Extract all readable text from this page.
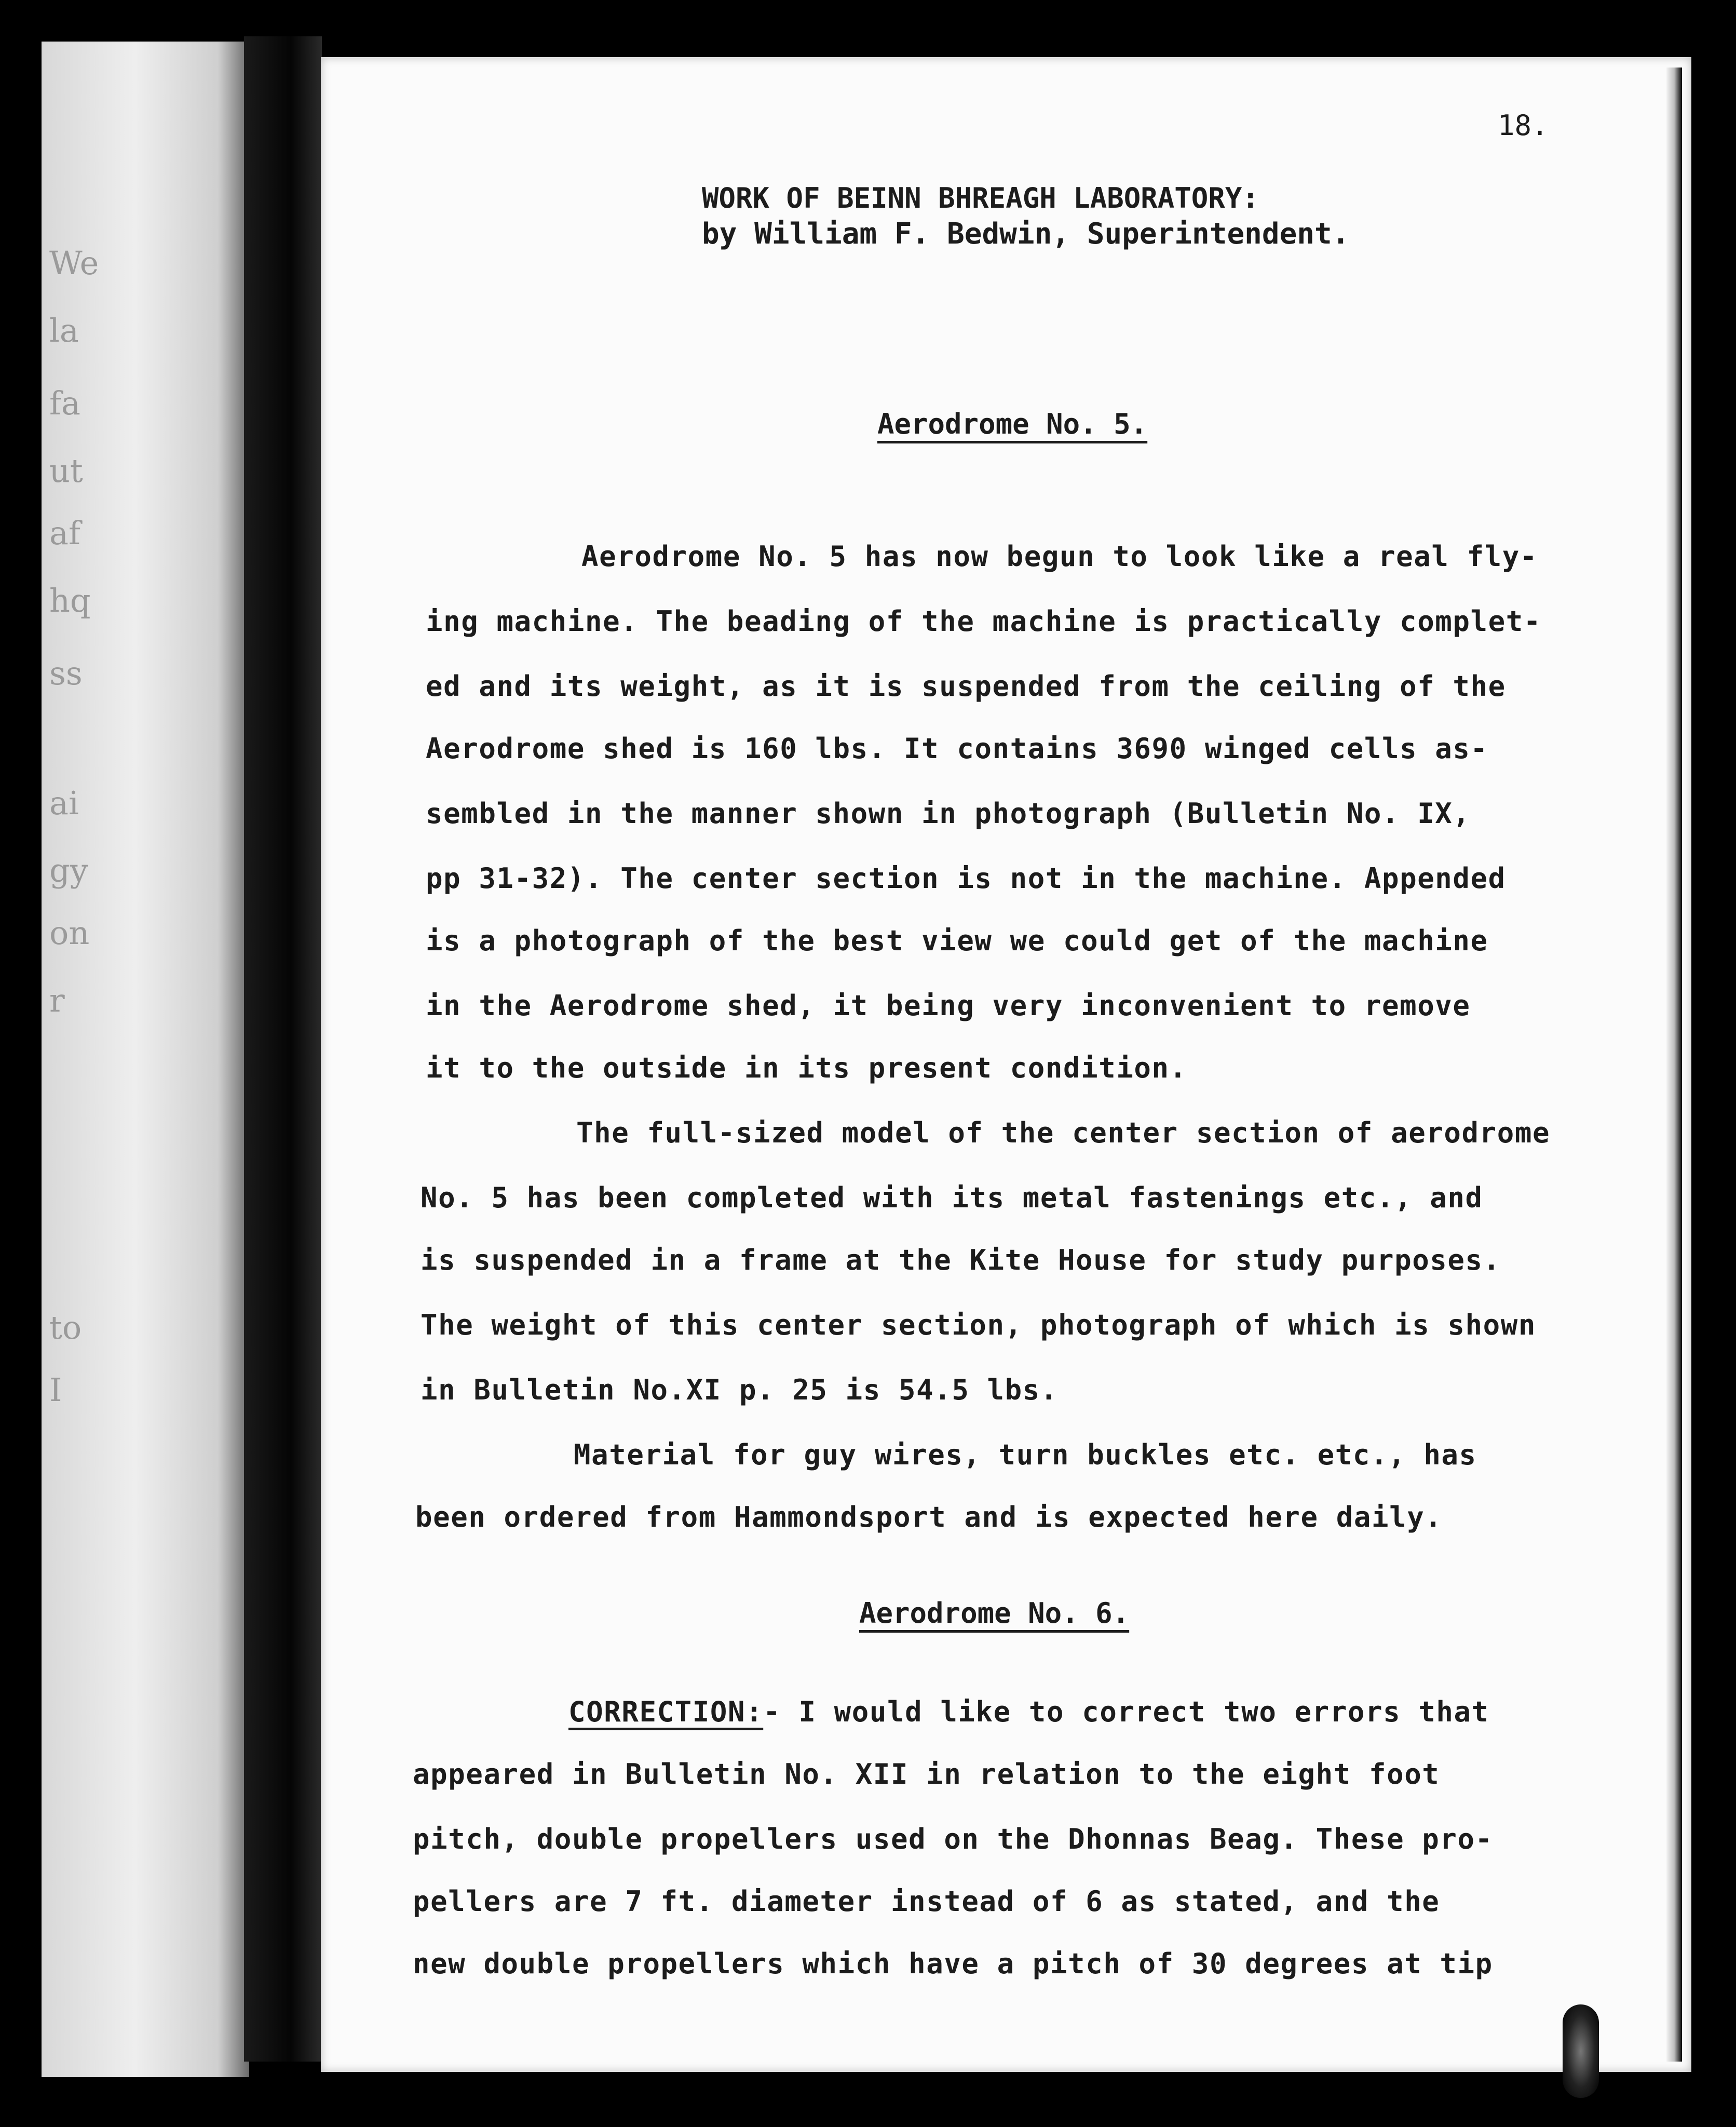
We
la
fa
ut
af
hq
ss
ai
gy
on
r
to
I
18.
WORK OF BEINN BHREAGH LABORATORY:
by William F. Bedwin, Superintendent.
Aerodrome No. 5.
Aerodrome No. 5 has now begun to look like a real fly-
ing machine. The beading of the machine is practically complet-
ed and its weight, as it is suspended from the ceiling of the
Aerodrome shed is 160 lbs. It contains 3690 winged cells as-
sembled in the manner shown in photograph (Bulletin No. IX,
pp 31-32). The center section is not in the machine. Appended
is a photograph of the best view we could get of the machine
in the Aerodrome shed, it being very inconvenient to remove
it to the outside in its present condition.
The full-sized model of the center section of aerodrome
No. 5 has been completed with its metal fastenings etc., and
is suspended in a frame at the Kite House for study purposes.
The weight of this center section, photograph of which is shown
in Bulletin No.XI p. 25 is 54.5 lbs.
Material for guy wires, turn buckles etc. etc., has
been ordered from Hammondsport and is expected here daily.
Aerodrome No. 6.
CORRECTION:- I would like to correct two errors that
appeared in Bulletin No. XII in relation to the eight foot
pitch, double propellers used on the Dhonnas Beag. These pro-
pellers are 7 ft. diameter instead of 6 as stated, and the
new double propellers which have a pitch of 30 degrees at tip
